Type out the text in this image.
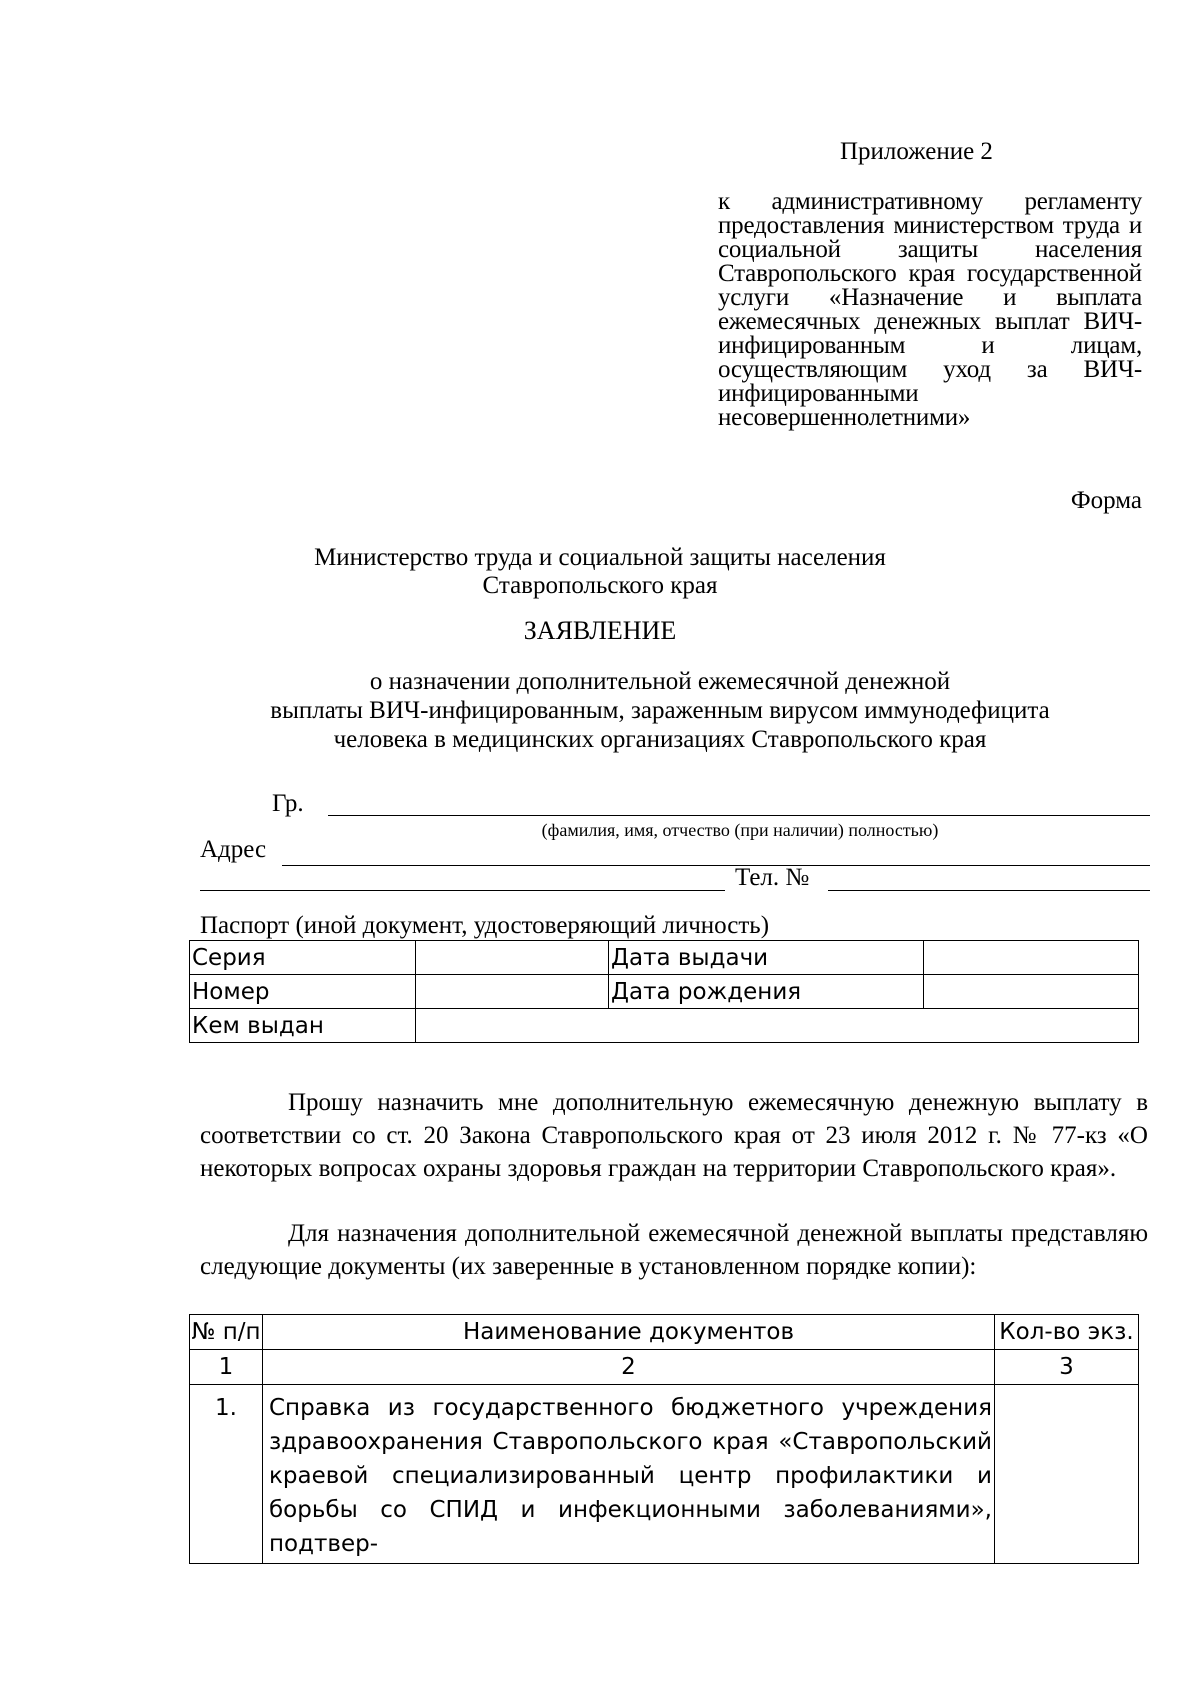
Приложение 2
к административному регламенту предоставления министерством труда и социальной защиты населения Ставропольского края государственной услуги «Назначение и выплата ежемесячных денежных выплат ВИЧ-инфицированным и лицам, осуществляющим уход за ВИЧ-инфицированными несовершеннолетними»
Форма
Министерство труда и социальной защиты населения
Ставропольского края
ЗАЯВЛЕНИЕ
о назначении дополнительной ежемесячной денежной
выплаты ВИЧ-инфицированным, зараженным вирусом иммунодефицита
человека в медицинских организациях Ставропольского края
Гр.
(фамилия, имя, отчество (при наличии) полностью)
Адрес
Тел. №
Паспорт (иной документ, удостоверяющий личность)
Серия		Дата выдачи	
Номер		Дата рождения	
Кем выдан			
Прошу назначить мне дополнительную ежемесячную денежную выплату в соответствии со ст. 20 Закона Ставропольского края от 23 июля 2012 г. № 77-кз «О некоторых вопросах охраны здоровья граждан на территории Ставропольского края».
Для назначения дополнительной ежемесячной денежной выплаты представляю следующие документы (их заверенные в установленном порядке копии):
№ п/п	Наименование документов	Кол-во экз.
1	2	3
1.	Справка из государственного бюджетного учреждения здравоохранения Ставропольского края «Ставропольский краевой специализированный центр профилактики и борьбы со СПИД и инфекционными заболеваниями», подтвер-	
